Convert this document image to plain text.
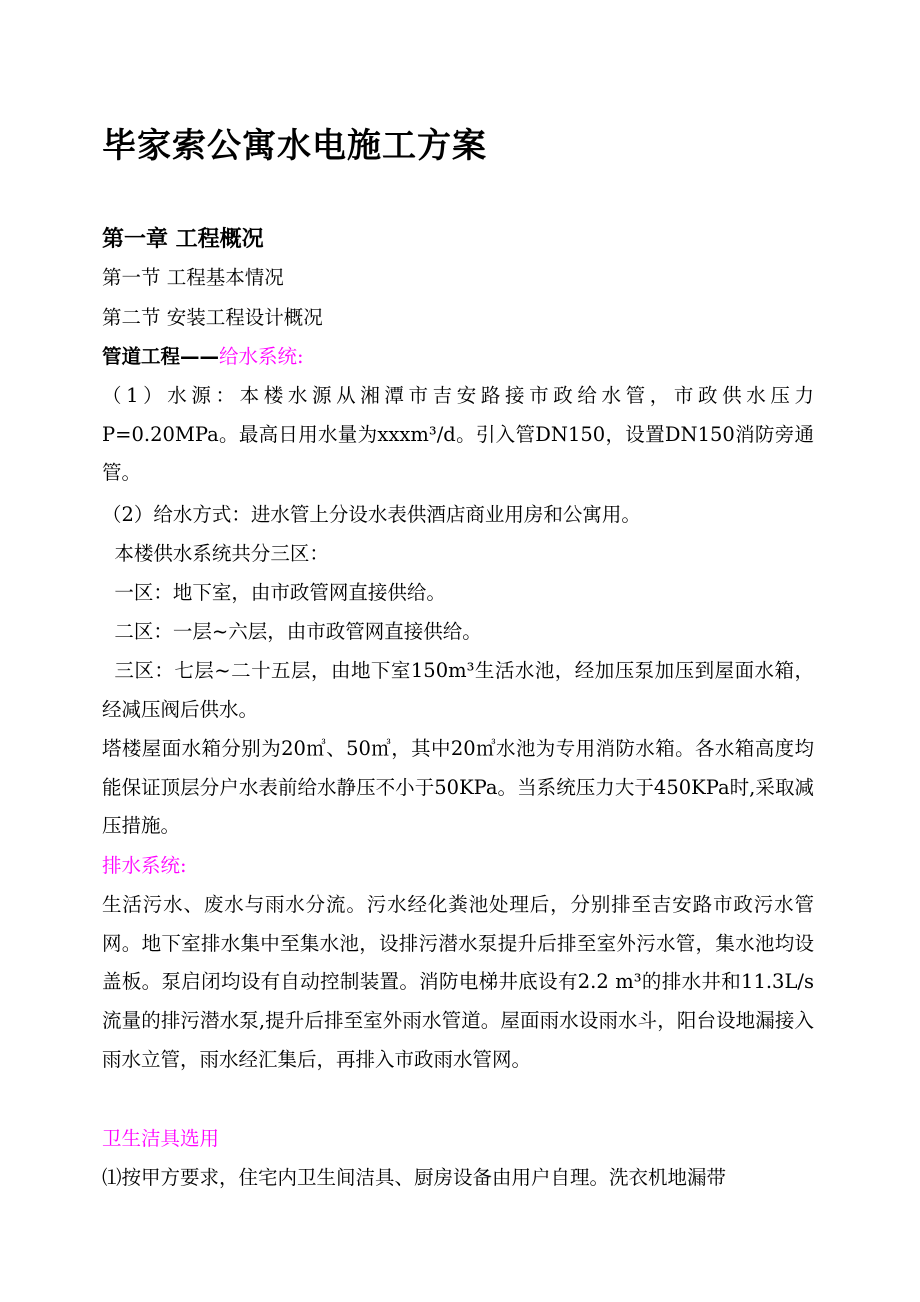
毕家索公寓水电施工方案
第一章 工程概况
第一节 工程基本情况
第二节 安装工程设计概况
管道工程——给水系统:
（1）水源：本楼水源从湘潭市吉安路接市政给水管，市政供水压力P=0.20MPa。最高日用水量为xxxm³/d。引入管DN150，设置DN150消防旁通管。
（2）给水方式：进水管上分设水表供酒店商业用房和公寓用。
本楼供水系统共分三区：
一区：地下室，由市政管网直接供给。
二区：一层~六层，由市政管网直接供给。
三区：七层~二十五层，由地下室150m³生活水池，经加压泵加压到屋面水箱，经减压阀后供水。
塔楼屋面水箱分别为20㎥、50㎥，其中20㎥水池为专用消防水箱。各水箱高度均能保证顶层分户水表前给水静压不小于50KPa。当系统压力大于450KPa时,采取减压措施。
排水系统:
生活污水、废水与雨水分流。污水经化粪池处理后，分别排至吉安路市政污水管网。地下室排水集中至集水池，设排污潜水泵提升后排至室外污水管，集水池均设盖板。泵启闭均设有自动控制装置。消防电梯井底设有2.2 m³的排水井和11.3L/s流量的排污潜水泵,提升后排至室外雨水管道。屋面雨水设雨水斗，阳台设地漏接入雨水立管，雨水经汇集后，再排入市政雨水管网。
卫生洁具选用
⑴按甲方要求，住宅内卫生间洁具、厨房设备由用户自理。洗衣机地漏带
